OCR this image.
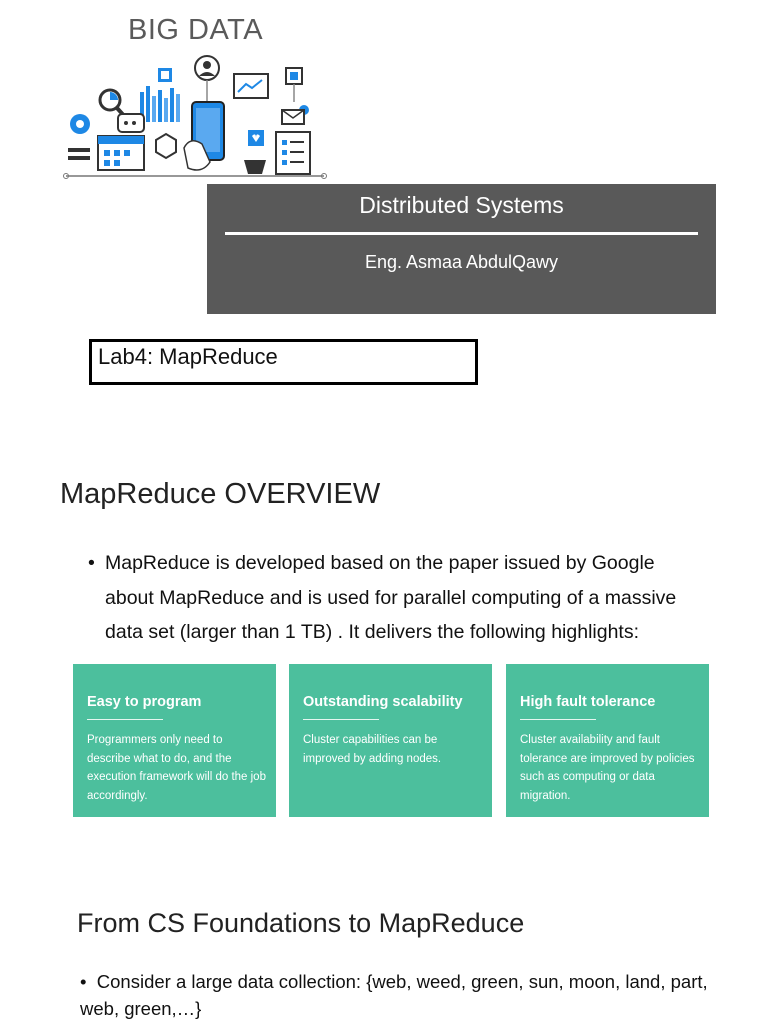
BIG DATA
Distributed Systems
Eng. Asmaa AbdulQawy
Lab4: MapReduce
MapReduce OVERVIEW
• MapReduce is developed based on the paper issued by Google about MapReduce and is used for parallel computing of a massive data set (larger than 1 TB) . It delivers the following highlights:
Easy to program
Programmers only need to describe what to do, and the execution framework will do the job accordingly.
Outstanding scalability
Cluster capabilities can be improved by adding nodes.
High fault tolerance
Cluster availability and fault tolerance are improved by policies such as computing or data migration.
From CS Foundations to MapReduce
•  Consider a large data collection: {web, weed, green, sun, moon, land, part, web, green,…}
